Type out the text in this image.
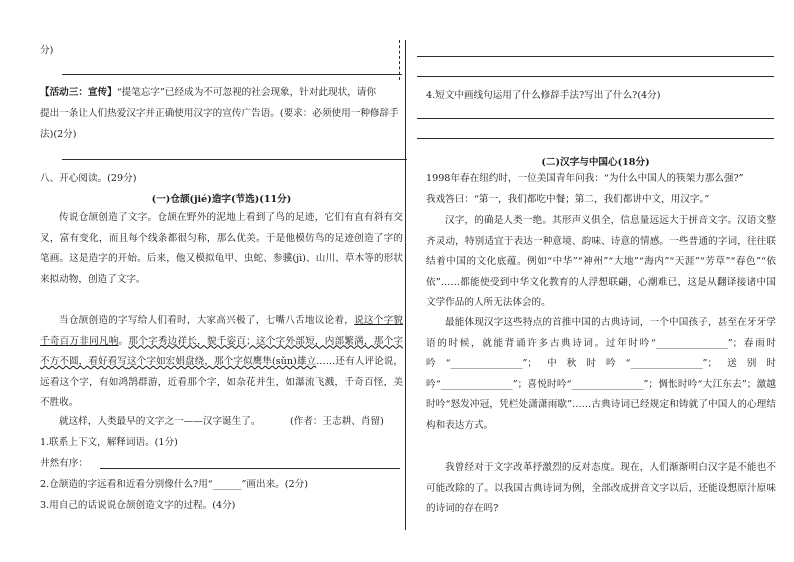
分)
【活动三：宣传】“提笔忘字”已经成为不可忽视的社会现象，针对此现状，请你
提出一条让人们热爱汉字并正确使用汉字的宣传广告语。(要求：必须使用一种修辞手
法)(2分)
八、开心阅读。(29分)
(一)仓颉(jié)造字(节选)(11分)
传说仓颉创造了文字。仓颉在野外的泥地上看到了鸟的足迹，它们有直有斜有交叉，富有变化，而且每个线条都很匀称，那么优美。于是他模仿鸟的足迹创造了字的笔画。这是造字的开始。后来，他又模拟龟甲、虫蛇、参骥(jì)、山川、草木等的形状来拟动物，创造了文字。
当仓颉创造的字写给人们看时，大家高兴极了，七嘴八舌地议论着，说这个字貌千奇百万非同凡响。那个字秀边祥长，貌千姿百；这个字外部短，内部繁满，那个字不方不圆，看好看写这个字如宏娟盘绕，那个字似鹰隼(sǔn)雄立……还有人评论说，远看这个字，有如鸿鹄群游，近看那个字，如杂花并生，如瀑流飞溅，千奇百怪，美不胜收。
就这样，人类最早的文字之一——汉字诞生了。	(作者：王志耕、肖留)
1.联系上下文，解释词语。(1分)
井然有序：
2.仓颉造的字远看和近看分别像什么?用“______”画出来。(2分)
3.用自己的话说说仓颉创造文字的过程。(4分)
4.短文中画线句运用了什么修辞手法?写出了什么?(4分)
(二)汉字与中国心(18分)
1998年春在纽约时，一位美国青年问我：“为什么中国人的筷架力那么强?”
我戏答曰：“第一，我们都吃中餐；第二，我们都讲中文，用汉字。”
汉字，的确是人类一绝。其形声义俱全，信息量远远大于拼音文字。汉语文整齐灵动，特别适宜于表达一种意境、韵味、诗意的情感。一些普通的字词，往往联结着中国的文化底蕴。例如“中华”“神州”“大地”“海内”“天涯”“芳草”“春色”“依依”……都能使受到中华文化教育的人浮想联翩，心潮难已，这是从翻译接诸中国文学作品的人所无法体会的。
最能体现汉字这些特点的首推中国的古典诗词，一个中国孩子，甚至在牙牙学语的时候，就能背诵许多古典诗词。过年时吟“_______________”；春雨时吟“_______________”；中秋时吟“_______________”；送别时吟“_______________”；喜悦时吟“_______________”；惆怅时吟“大江东去”；激越时吟“怒发冲冠，凭栏处潇潇雨歇”……古典诗词已经规定和铸就了中国人的心理结构和表达方式。
我曾经对于文字改革抒激烈的反对态度。现在，人们渐渐明白汉字是不能也不可能改除的了。以我国古典诗词为例，全部改成拼音文字以后，还能设想原汁原味的诗词的存在吗?
